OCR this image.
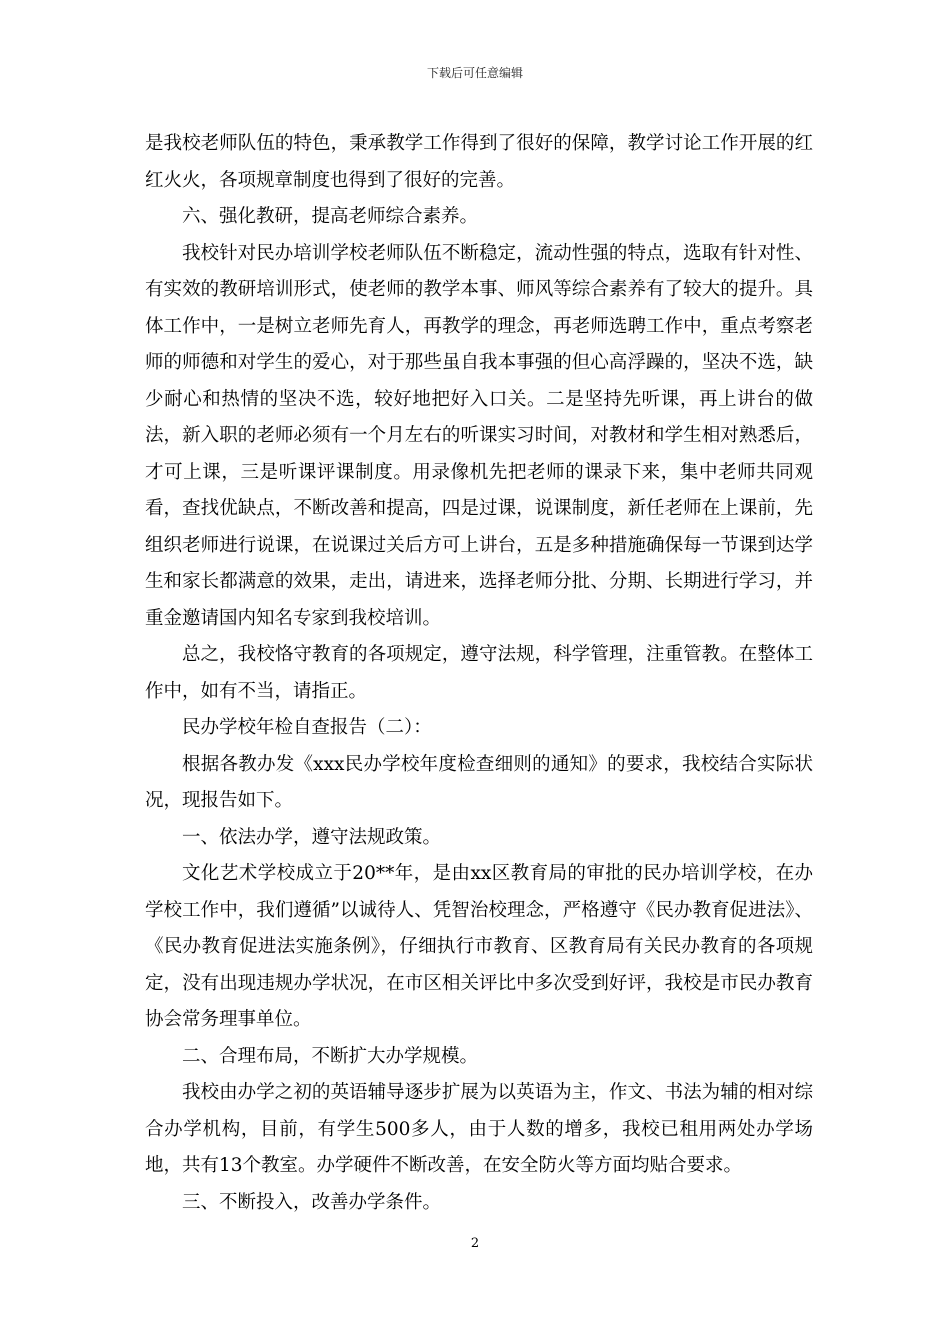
下载后可任意编辑

是我校老师队伍的特色，秉承教学工作得到了很好的保障，教学讨论工作开展的红红火火，各项规章制度也得到了很好的完善。

六、强化教研，提高老师综合素养。

我校针对民办培训学校老师队伍不断稳定，流动性强的特点，选取有针对性、有实效的教研培训形式，使老师的教学本事、师风等综合素养有了较大的提升。具体工作中，一是树立老师先育人，再教学的理念，再老师选聘工作中，重点考察老师的师德和对学生的爱心，对于那些虽自我本事强的但心高浮躁的，坚决不选，缺少耐心和热情的坚决不选，较好地把好入口关。二是坚持先听课，再上讲台的做法，新入职的老师必须有一个月左右的听课实习时间，对教材和学生相对熟悉后，才可上课，三是听课评课制度。用录像机先把老师的课录下来，集中老师共同观看，查找优缺点，不断改善和提高，四是过课，说课制度，新任老师在上课前，先组织老师进行说课，在说课过关后方可上讲台，五是多种措施确保每一节课到达学生和家长都满意的效果，走出，请进来，选择老师分批、分期、长期进行学习，并重金邀请国内知名专家到我校培训。

总之，我校恪守教育的各项规定，遵守法规，科学管理，注重管教。在整体工作中，如有不当，请指正。

民办学校年检自查报告（二）：

根据各教办发《xxx民办学校年度检查细则的通知》的要求，我校结合实际状况，现报告如下。

一、依法办学，遵守法规政策。

文化艺术学校成立于20**年，是由xx区教育局的审批的民办培训学校，在办学校工作中，我们遵循”以诚待人、凭智治校理念，严格遵守《民办教育促进法》、《民办教育促进法实施条例》，仔细执行市教育、区教育局有关民办教育的各项规定，没有出现违规办学状况，在市区相关评比中多次受到好评，我校是市民办教育协会常务理事单位。

二、合理布局，不断扩大办学规模。

我校由办学之初的英语辅导逐步扩展为以英语为主，作文、书法为辅的相对综合办学机构，目前，有学生500多人，由于人数的增多，我校已租用两处办学场地，共有13个教室。办学硬件不断改善，在安全防火等方面均贴合要求。

三、不断投入，改善办学条件。

2
